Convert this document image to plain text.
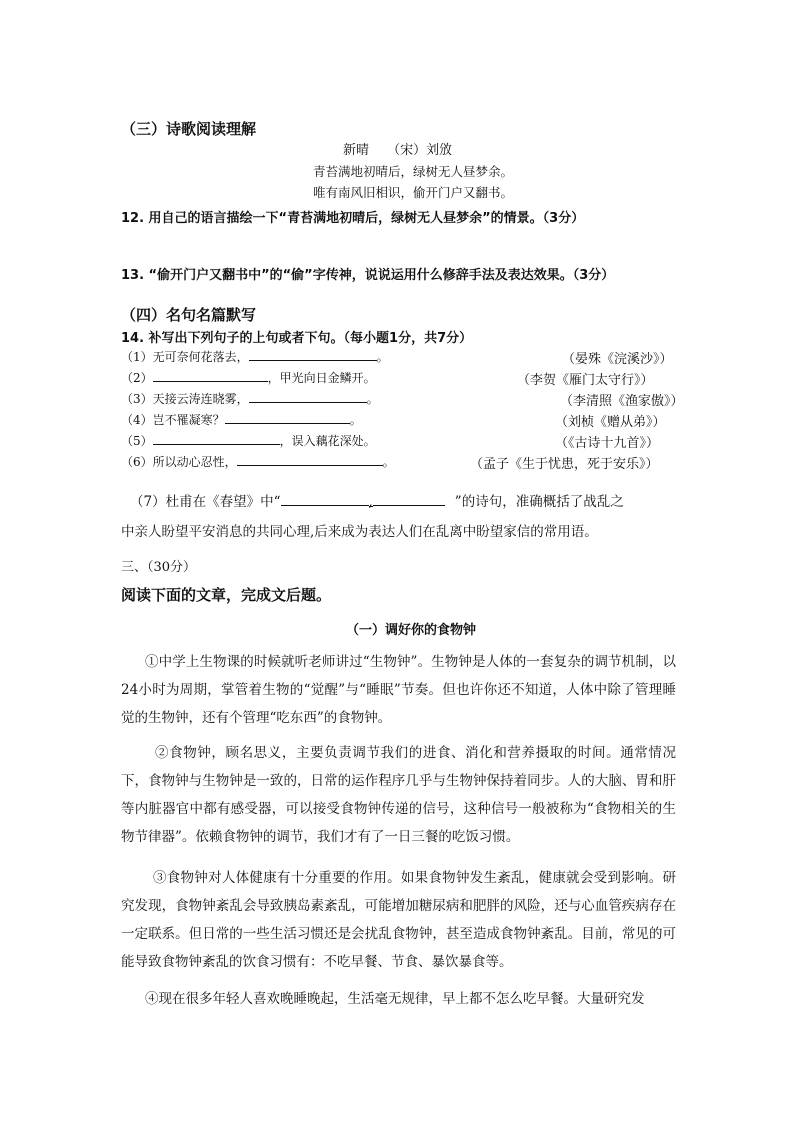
（三）诗歌阅读理解
新晴 （宋）刘攽
青苔满地初晴后，绿树无人昼梦余。
唯有南风旧相识，偷开门户又翻书。
12. 用自己的语言描绘一下“青苔满地初晴后，绿树无人昼梦余”的情景。（3分）
13. “偷开门户又翻书中”的“偷”字传神，说说运用什么修辞手法及表达效果。（3分）
（四）名句名篇默写
14. 补写出下列句子的上句或者下句。（每小题1分，共7分）
（1）无可奈何花落去，	。	（晏殊《浣溪沙》）
（2）	，甲光向日金鳞开。	（李贺《雁门太守行》）
（3）天接云涛连晓雾，	。	（李清照《渔家傲》）
（4）岂不罹凝寒？	。	（刘桢《赠从弟》）
（5）	，误入藕花深处。	（《古诗十九首》）
（6）所以动心忍性，	。	（孟子《生于忧患，死于安乐》）
（7）杜甫在《春望》中“	,	”的诗句，准确概括了战乱之
中亲人盼望平安消息的共同心理,后来成为表达人们在乱离中盼望家信的常用语。
三、（30分）
阅读下面的文章，完成文后题。
（一）调好你的食物钟
①中学上生物课的时候就听老师讲过“生物钟”。生物钟是人体的一套复杂的调节机制，以24小时为周期，掌管着生物的“觉醒”与“睡眠”节奏。但也许你还不知道，人体中除了管理睡觉的生物钟，还有个管理“吃东西”的食物钟。
②食物钟，顾名思义，主要负责调节我们的进食、消化和营养摄取的时间。通常情况下，食物钟与生物钟是一致的，日常的运作程序几乎与生物钟保持着同步。人的大脑、胃和肝等内脏器官中都有感受器，可以接受食物钟传递的信号，这种信号一般被称为“食物相关的生物节律器”。依赖食物钟的调节，我们才有了一日三餐的吃饭习惯。
③食物钟对人体健康有十分重要的作用。如果食物钟发生紊乱，健康就会受到影响。研究发现，食物钟紊乱会导致胰岛素紊乱，可能增加糖尿病和肥胖的风险，还与心血管疾病存在一定联系。但日常的一些生活习惯还是会扰乱食物钟，甚至造成食物钟紊乱。目前，常见的可能导致食物钟紊乱的饮食习惯有：不吃早餐、节食、暴饮暴食等。
④现在很多年轻人喜欢晚睡晚起，生活毫无规律，早上都不怎么吃早餐。大量研究发
